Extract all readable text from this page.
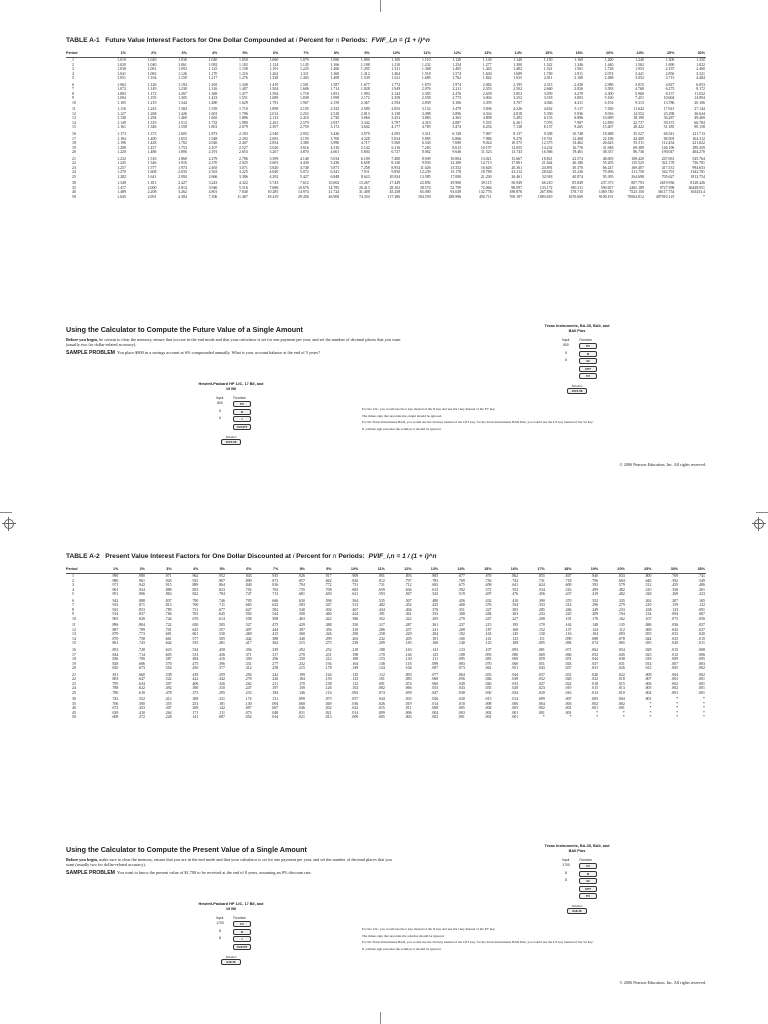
TABLE A-1 Future Value Interest Factors for One Dollar Compounded at i Percent for n Periods: FVIF_i,n = (1 + i)^n
Period	1%	2%	3%	4%	5%	6%	7%	8%	9%	10%	11%	12%	13%	14%	15%	16%	20%	24%	25%	30%
1	1.010	1.020	1.030	1.040	1.050	1.060	1.070	1.080	1.090	1.100	1.110	1.120	1.130	1.140	1.150	1.160	1.200	1.240	1.300	1.350
2	1.020	1.040	1.061	1.082	1.102	1.124	1.145	1.166	1.188	1.210	1.232	1.254	1.277	1.300	1.322	1.346	1.440	1.562	1.690	1.822
3	1.030	1.061	1.093	1.125	1.158	1.191	1.225	1.260	1.295	1.331	1.368	1.405	1.443	1.482	1.521	1.561	1.728	1.953	2.197	2.460
4	1.041	1.082	1.126	1.170	1.216	1.262	1.311	1.360	1.412	1.464	1.518	1.574	1.630	1.689	1.749	1.811	2.074	2.441	2.856	3.321
5	1.051	1.104	1.159	1.217	1.276	1.338	1.403	1.469	1.539	1.611	1.685	1.762	1.842	1.925	2.011	2.100	2.488	3.052	3.713	4.484
6	1.062	1.126	1.194	1.265	1.340	1.419	1.501	1.587	1.677	1.772	1.870	1.974	2.082	2.195	2.313	2.436	2.986	3.815	4.827	6.053
7	1.072	1.149	1.230	1.316	1.407	1.504	1.606	1.714	1.828	1.949	2.076	2.211	2.353	2.502	2.660	2.826	3.583	4.768	6.275	8.172
8	1.083	1.172	1.267	1.369	1.477	1.594	1.718	1.851	1.993	2.144	2.305	2.476	2.658	2.853	3.059	3.278	4.300	5.960	8.157	11.032
9	1.094	1.195	1.305	1.423	1.551	1.689	1.838	1.999	2.172	2.358	2.558	2.773	3.004	3.252	3.518	3.803	5.160	7.451	10.604	14.894
10	1.105	1.219	1.344	1.480	1.629	1.791	1.967	2.159	2.367	2.594	2.839	3.106	3.395	3.707	4.046	4.411	6.192	9.313	13.786	20.106
11	1.116	1.243	1.384	1.539	1.710	1.898	2.105	2.332	2.580	2.853	3.152	3.479	3.836	4.226	4.652	5.117	7.430	11.642	17.921	27.144
12	1.127	1.268	1.426	1.601	1.796	2.012	2.252	2.518	2.813	3.138	3.498	3.896	4.334	4.818	5.350	5.936	8.916	14.552	23.298	36.644
13	1.138	1.294	1.469	1.665	1.886	2.133	2.410	2.720	3.066	3.452	3.883	4.363	4.898	5.492	6.153	6.886	10.699	18.190	30.287	49.469
14	1.149	1.319	1.513	1.732	1.980	2.261	2.579	2.937	3.342	3.797	4.310	4.887	5.535	6.261	7.076	7.987	12.839	22.737	39.373	66.784
15	1.161	1.346	1.558	1.801	2.079	2.397	2.759	3.172	3.642	4.177	4.785	5.474	6.254	7.138	8.137	9.265	15.407	28.422	51.185	90.158
16	1.173	1.373	1.605	1.873	2.183	2.540	2.952	3.426	3.970	4.595	5.311	6.130	7.067	8.137	9.358	10.748	18.488	35.527	66.541	121.713
17	1.184	1.400	1.653	1.948	2.292	2.693	3.159	3.700	4.328	5.054	5.895	6.866	7.986	9.276	10.761	12.468	22.186	44.409	86.503	164.312
18	1.196	1.428	1.702	2.026	2.407	2.854	3.380	3.996	4.717	5.560	6.543	7.690	9.024	10.575	12.375	14.462	26.623	55.511	112.454	221.822
19	1.208	1.457	1.753	2.107	2.527	3.026	3.616	4.316	5.142	6.116	7.263	8.613	10.197	12.055	14.232	16.776	31.948	69.389	146.190	299.459
20	1.220	1.486	1.806	2.191	2.653	3.207	3.870	4.661	5.604	6.727	8.062	9.646	11.523	13.743	16.366	19.461	38.337	86.736	190.047	404.270
21	1.232	1.516	1.860	2.279	2.786	3.399	4.140	5.034	6.109	7.400	8.949	10.804	13.021	15.667	18.821	22.574	46.005	108.420	247.061	545.764
22	1.245	1.546	1.916	2.370	2.925	3.603	4.430	5.436	6.658	8.140	9.933	12.100	14.713	17.861	21.644	26.186	55.205	135.525	321.178	736.781
23	1.257	1.577	1.974	2.465	3.071	3.820	4.740	5.871	7.258	8.954	11.026	13.552	16.626	20.361	24.891	30.376	66.247	169.407	417.531	994.653
24	1.270	1.608	2.033	2.563	3.225	4.049	5.072	6.341	7.911	9.850	12.239	15.178	18.788	23.212	28.625	35.236	79.496	211.758	542.791	1342.781
25	1.282	1.641	2.094	2.666	3.386	4.292	5.427	6.848	8.623	10.834	13.585	17.000	21.230	26.461	32.918	40.874	95.395	264.698	705.627	1812.754
30	1.348	1.811	2.427	3.243	4.322	5.743	7.612	10.062	13.267	17.449	22.892	29.960	39.115	50.949	66.210	85.849	237.373	807.793	2619.936	8128.426
35	1.417	2.000	2.814	3.946	5.516	7.686	10.676	14.785	20.413	28.102	38.574	52.799	72.066	98.097	133.172	180.311	590.657	2465.189	9727.598	36448.051
40	1.489	2.208	3.262	4.801	7.040	10.285	14.974	21.724	31.408	45.258	65.000	93.049	132.776	188.876	267.856	378.715	1469.740	7523.156	36117.754	163433.4
50	1.645	2.691	4.384	7.106	11.467	18.419	29.456	46.900	74.354	117.386	184.559	288.996	450.711	700.197	1083.619	1670.669	9100.191	70064.812	497910.125	*
Using the Calculator to Compute the Future Value of a Single Amount
Before you begin, be certain to clear the memory, ensure that you are in the end mode and that your calculator is set for one payment per year, and set the number of decimal places that you want (usually two for dollar-related accuracy).
SAMPLE PROBLEM You place $800 in a savings account at 6% compounded annually. What is your account balance at the end of 5 years?
Hewlett-Packard HP 12C, 17 BII, and 19 BII
Input	Function
800	PV
5	N
6	I
FV/CPT
Solution
1070.58
Texas Instruments, BA-35, BAII, and BAII Plus
Input	Function
800	PV
5	N
6	%i
CPT
FV
Solution
1070.58
For the 12C, you would use the n key instead of the N key and use the i key instead of the FV key.
The minus sign that precedes the output should be ignored.
For the Texas Instruments BAII, you would use the 2nd key instead of the CPT key; for the Texas Instruments BAII Plus, you would use the I/Y key instead of the %i key.
If a minus sign precedes the solution, it should be ignored.
© 2006 Pearson Education, Inc. All rights reserved.
TABLE A-2 Present Value Interest Factors for One Dollar Discounted at i Percent for n Periods: PVIF_i,n = 1 / (1 + i)^n
Period	1%	2%	3%	4%	5%	6%	7%	8%	9%	10%	11%	12%	13%	14%	15%	16%	17%	18%	19%	20%	25%	30%	35%
1	.990	.980	.971	.962	.952	.943	.935	.926	.917	.909	.901	.893	.885	.877	.870	.862	.855	.847	.840	.833	.800	.769	.741
2	.980	.961	.943	.925	.907	.890	.873	.857	.842	.826	.812	.797	.783	.769	.756	.743	.731	.718	.706	.694	.640	.592	.549
3	.971	.942	.915	.889	.864	.840	.816	.794	.772	.751	.731	.712	.693	.675	.658	.641	.624	.609	.593	.579	.512	.455	.406
4	.961	.924	.888	.855	.823	.792	.763	.735	.708	.683	.659	.636	.613	.592	.572	.552	.534	.516	.499	.482	.410	.350	.301
5	.951	.906	.863	.822	.784	.747	.713	.681	.650	.621	.593	.567	.543	.519	.497	.476	.456	.437	.419	.402	.328	.269	.223
6	.942	.888	.837	.790	.746	.705	.666	.630	.596	.564	.535	.507	.480	.456	.432	.410	.390	.370	.352	.335	.262	.207	.165
7	.933	.871	.813	.760	.711	.665	.623	.583	.547	.513	.482	.452	.425	.400	.376	.354	.333	.314	.296	.279	.210	.159	.122
8	.923	.853	.789	.731	.677	.627	.582	.540	.502	.467	.434	.404	.376	.351	.327	.305	.285	.266	.249	.233	.168	.123	.091
9	.914	.837	.766	.703	.645	.592	.544	.500	.460	.424	.391	.361	.333	.308	.284	.263	.243	.225	.209	.194	.134	.094	.067
10	.905	.820	.744	.676	.614	.558	.508	.463	.422	.386	.352	.322	.295	.270	.247	.227	.208	.191	.176	.162	.107	.073	.050
11	.896	.804	.722	.650	.585	.527	.475	.429	.388	.350	.317	.287	.261	.237	.215	.195	.178	.162	.148	.135	.086	.056	.037
12	.887	.789	.701	.625	.557	.497	.444	.397	.356	.319	.286	.257	.231	.208	.187	.168	.152	.137	.124	.112	.069	.043	.027
13	.879	.773	.681	.601	.530	.469	.415	.368	.326	.290	.258	.229	.204	.182	.163	.145	.130	.116	.104	.093	.055	.033	.020
14	.870	.758	.661	.577	.505	.442	.388	.340	.299	.263	.232	.205	.181	.160	.141	.125	.111	.099	.088	.078	.044	.025	.015
15	.861	.743	.642	.555	.481	.417	.362	.315	.275	.239	.209	.183	.160	.140	.123	.108	.095	.084	.074	.065	.035	.020	.011
16	.853	.728	.623	.534	.458	.394	.339	.292	.252	.218	.188	.163	.141	.123	.107	.093	.081	.071	.062	.054	.028	.015	.008
17	.844	.714	.605	.513	.436	.371	.317	.270	.231	.198	.170	.146	.125	.108	.093	.080	.069	.060	.052	.045	.023	.012	.006
18	.836	.700	.587	.494	.416	.350	.296	.250	.212	.180	.153	.130	.111	.095	.081	.069	.059	.051	.044	.038	.018	.009	.005
19	.828	.686	.570	.475	.396	.331	.277	.232	.194	.164	.138	.116	.098	.083	.070	.060	.051	.043	.037	.031	.014	.007	.003
20	.820	.673	.554	.456	.377	.312	.258	.215	.178	.149	.124	.104	.087	.073	.061	.051	.043	.037	.031	.026	.012	.005	.002
21	.811	.660	.538	.439	.359	.294	.242	.199	.164	.135	.112	.093	.077	.064	.053	.044	.037	.031	.026	.022	.009	.004	.002
22	.803	.647	.522	.422	.342	.278	.226	.184	.150	.123	.101	.083	.068	.056	.046	.038	.032	.026	.022	.018	.007	.003	.001
23	.795	.634	.507	.406	.326	.262	.211	.170	.138	.112	.091	.074	.060	.049	.040	.033	.027	.022	.018	.015	.006	.002	.001
24	.788	.622	.492	.390	.310	.247	.197	.158	.126	.102	.082	.066	.053	.043	.035	.028	.023	.019	.015	.013	.005	.002	.001
25	.780	.610	.478	.375	.295	.233	.184	.146	.116	.092	.074	.059	.047	.038	.030	.024	.020	.016	.013	.010	.004	.001	.001
30	.742	.552	.412	.308	.231	.174	.131	.099	.075	.057	.044	.033	.026	.020	.015	.012	.009	.007	.005	.004	.001	*	*
35	.706	.500	.355	.253	.181	.130	.094	.068	.049	.036	.026	.019	.014	.010	.008	.006	.004	.003	.002	.002	*	*	*
40	.672	.453	.307	.208	.142	.097	.067	.046	.032	.022	.015	.011	.008	.005	.004	.003	.002	.001	.001	.001	*	*	*
45	.639	.410	.264	.171	.111	.073	.048	.031	.021	.014	.009	.006	.004	.003	.002	.001	.001	.001	*	*	*	*	*
50	.608	.372	.228	.141	.087	.054	.034	.021	.013	.009	.005	.003	.002	.001	.001	.001	*	*	*	*	*	*	*
Using the Calculator to Compute the Present Value of a Single Amount
Before you begin, make sure to clear the memory, ensure that you are in the end mode and that your calculator is set for one payment per year, and set the number of decimal places that you want (usually two for dollar-related accuracy).
SAMPLE PROBLEM You want to know the present value of $1,700 to be received at the end of 8 years, assuming an 8% discount rate.
Hewlett-Packard HP 12C, 17 BII, and 19 BII
Input	Function
1700	FV
8	N
8	I
PV/CPT
Solution
918.46
Texas Instruments, BA-35, BAII, and BAII Plus
Input	Function
1700	FV
8	N
8	%i
CPT
PV
Solution
918.46
For the 12C, you would use the n key instead of the N key and use the i key instead of the PV key.
The minus sign that precedes the solution should be ignored.
For the Texas Instruments BAII, you would use the 2nd key instead of the CPT key; for the Texas Instruments BAII Plus, you would use the I/Y key instead of the %i key.
If a minus sign precedes the solution, it should be ignored.
© 2006 Pearson Education, Inc. All rights reserved.
